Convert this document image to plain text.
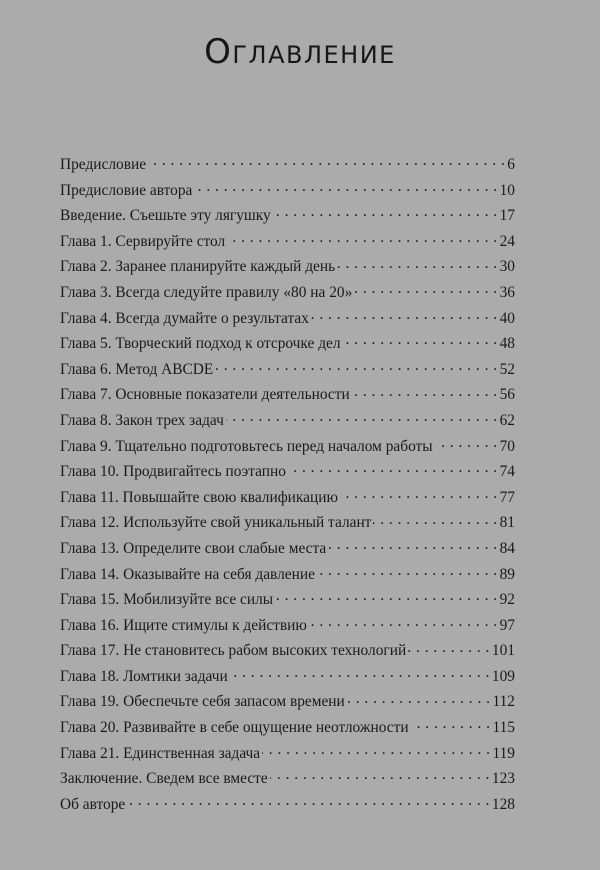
Оглавление
Предисловие . . .	6
Предисловие автора . . .	10
Введение. Съешьте эту лягушку . . .	17
Глава 1. Сервируйте стол . . .	24
Глава 2. Заранее планируйте каждый день . . .	30
Глава 3. Всегда следуйте правилу «80 на 20» . . .	36
Глава 4. Всегда думайте о результатах . . .	40
Глава 5. Творческий подход к отсрочке дел . . .	48
Глава 6. Метод ABCDE . . .	52
Глава 7. Основные показатели деятельности . . .	56
Глава 8. Закон трех задач . . .	62
Глава 9. Тщательно подготовьтесь перед началом работы . . .	70
Глава 10. Продвигайтесь поэтапно . . .	74
Глава 11. Повышайте свою квалификацию . . .	77
Глава 12. Используйте свой уникальный талант . . .	81
Глава 13. Определите свои слабые места . . .	84
Глава 14. Оказывайте на себя давление . . .	89
Глава 15. Мобилизуйте все силы . . .	92
Глава 16. Ищите стимулы к действию . . .	97
Глава 17. Не становитесь рабом высоких технологий . . .	101
Глава 18. Ломтики задачи . . .	109
Глава 19. Обеспечьте себя запасом времени . . .	112
Глава 20. Развивайте в себе ощущение неотложности . . .	115
Глава 21. Единственная задача . . .	119
Заключение. Сведем все вместе . . .	123
Об авторе . . .	128
